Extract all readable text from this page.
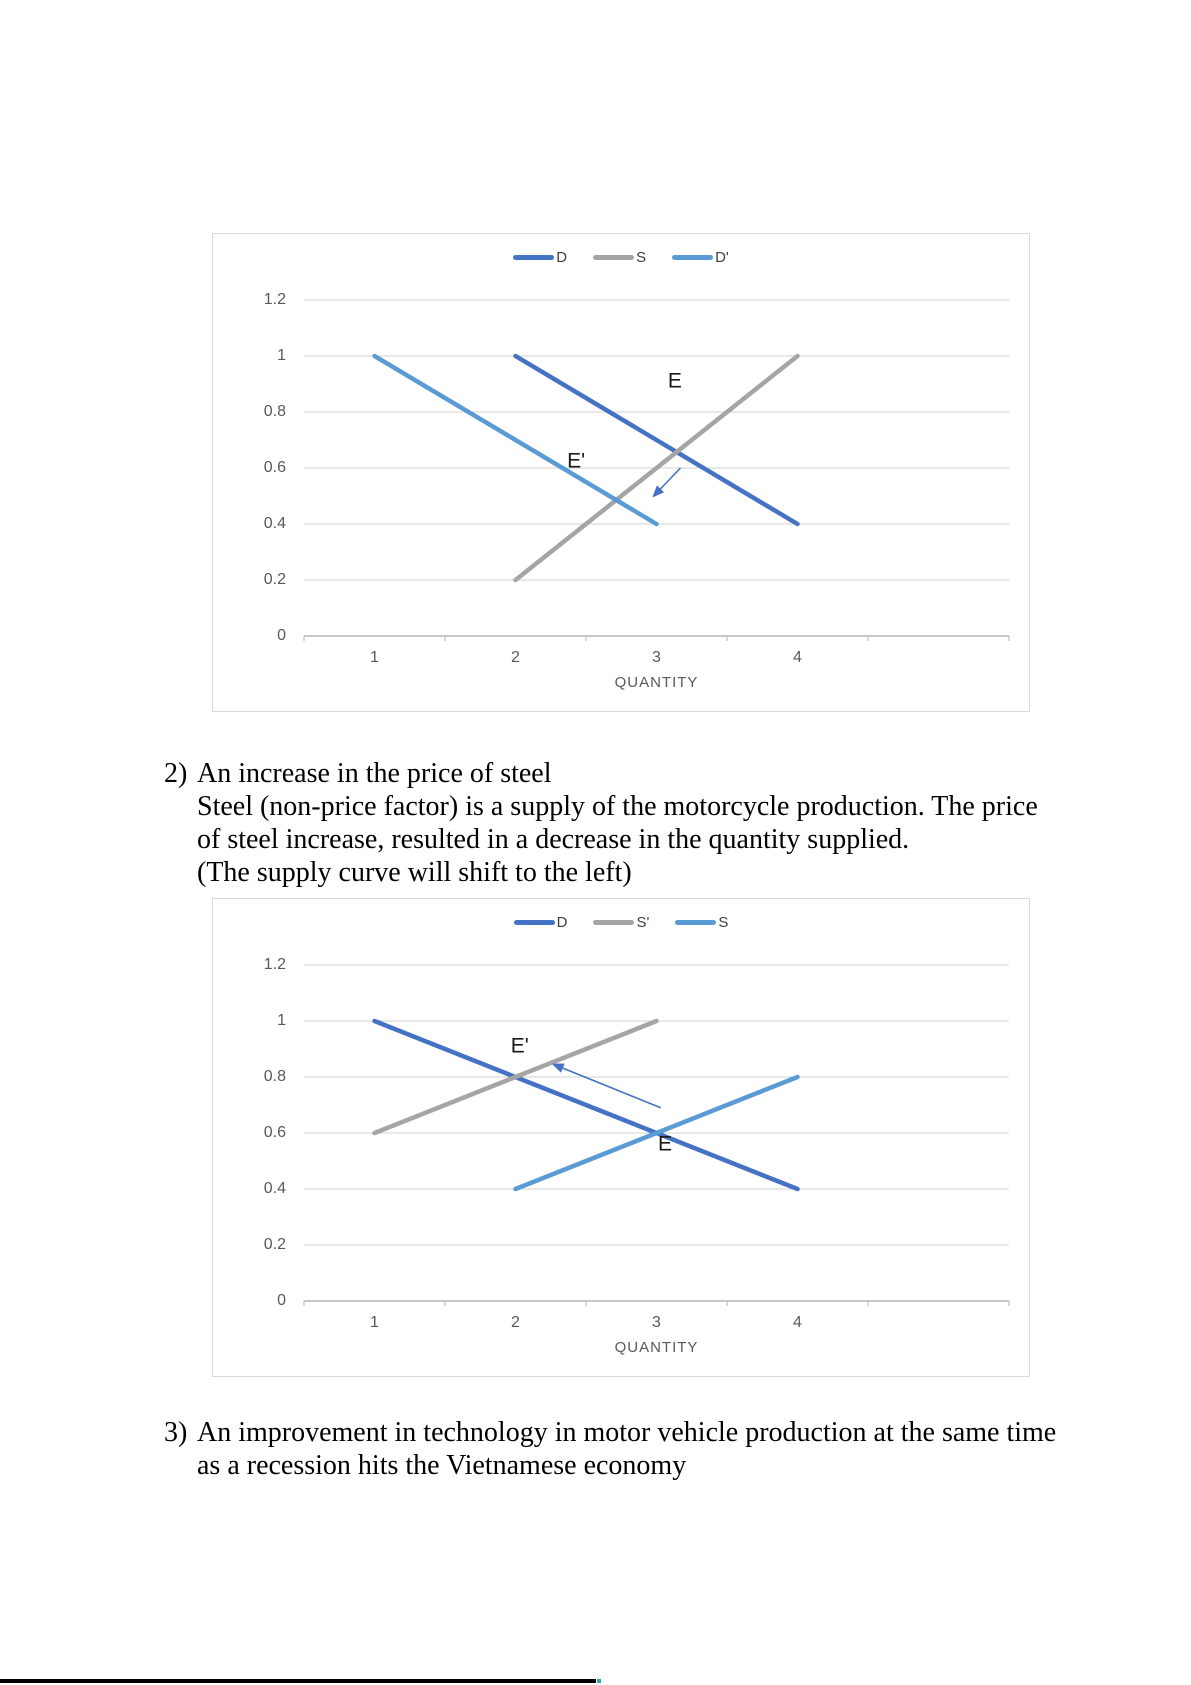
D	S	D'
QUANTITY
1.2
1
0.8
0.6
0.4
0.2
0
1	2	3	4
E
E'
2) An increase in the price of steel
Steel (non-price factor) is a supply of the motorcycle production. The price
of steel increase, resulted in a decrease in the quantity supplied.
(The supply curve will shift to the left)
D	S'	S
QUANTITY
1.2
1
0.8
0.6
0.4
0.2
0
1	2	3	4
E'
E
3) An improvement in technology in motor vehicle production at the same time
as a recession hits the Vietnamese economy
